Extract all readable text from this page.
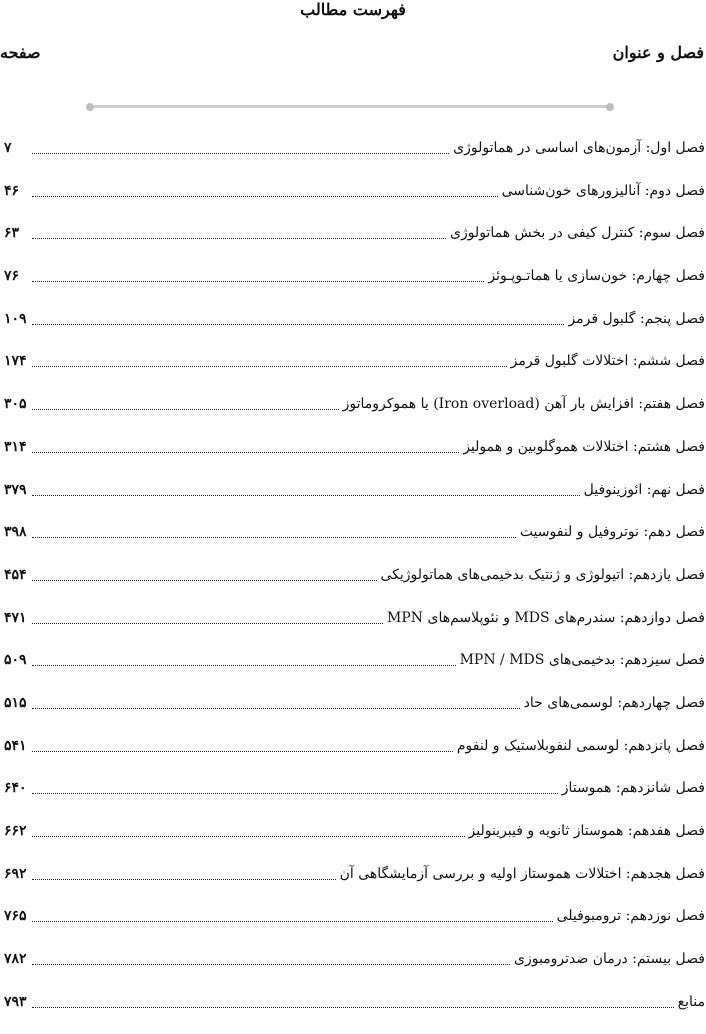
فهرست مطالب
فصل و عنوان
صفحه
فصل اول: آزمون‌های اساسی در هماتولوژی
۷
فصل دوم: آنالیزورهای خون‌شناسی
۴۶
فصل سوم: کنترل کیفی در بخش هماتولوژی
۶۳
فصل چهارم: خون‌سازی یا هماتـوپـوئز
۷۶
فصل پنجم: گلبول قرمز
۱۰۹
فصل ششم: اختلالات گلبول قرمز
۱۷۴
فصل هفتم: افزایش بار آهن (Iron overload) یا هموکروماتوز
۳۰۵
فصل هشتم: اختلالات هموگلوبین و همولیز
۳۱۴
فصل نهم: ائوزینوفیل
۳۷۹
فصل دهم: نوتروفیل و لنفوسیت
۳۹۸
فصل یازدهم: اتیولوژی و ژنتیک بدخیمی‌های هماتولوژیکی
۴۵۴
فصل دوازدهم: سندرم‌های MDS و نئوپلاسم‌های MPN
۴۷۱
فصل سیزدهم: بدخیمی‌های MPN / MDS
۵۰۹
فصل چهاردهم: لوسمی‌های حاد
۵۱۵
فصل پانزدهم: لوسمی لنفوبلاستیک و لنفوم
۵۴۱
فصل شانزدهم: هموستاز
۶۴۰
فصل هفدهم: هموستاز ثانویه و فیبرینولیز
۶۶۲
فصل هجدهم: اختلالات هموستاز اولیه و بررسی آزمایشگاهی آن
۶۹۲
فصل نوزدهم: ترومبوفیلی
۷۶۵
فصل بیستم: درمان ضدترومبوزی
۷۸۲
منابع
۷۹۳
